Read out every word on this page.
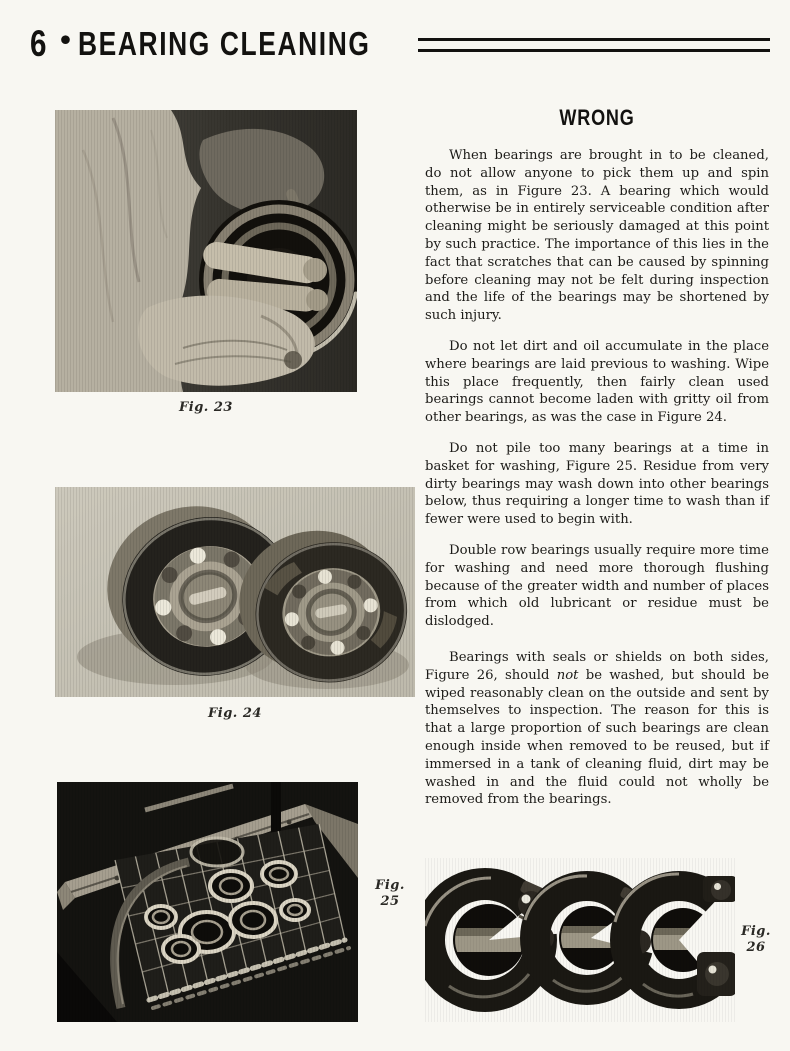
6 • BEARING CLEANING
Fig. 23
Fig. 24
Fig.
25
Fig.
26
WRONG

When bearings are brought in to be cleaned, do not allow anyone to pick them up and spin them, as in Figure 23. A bearing which would otherwise be in entirely serviceable condition after cleaning might be seriously damaged at this point by such practice. The importance of this lies in the fact that scratches that can be caused by spinning before cleaning may not be felt during inspection and the life of the bearings may be shortened by such injury.

Do not let dirt and oil accumulate in the place where bearings are laid previous to washing. Wipe this place frequently, then fairly clean used bearings cannot become laden with gritty oil from other bearings, as was the case in Figure 24.

Do not pile too many bearings at a time in basket for washing, Figure 25. Residue from very dirty bearings may wash down into other bearings below, thus requiring a longer time to wash than if fewer were used to begin with.

Double row bearings usually require more time for washing and need more thorough flushing because of the greater width and number of places from which old lubricant or residue must be dislodged.

Bearings with seals or shields on both sides, Figure 26, should not be washed, but should be wiped reasonably clean on the outside and sent by themselves to inspection. The reason for this is that a large proportion of such bearings are clean enough inside when removed to be reused, but if immersed in a tank of cleaning fluid, dirt may be washed in and the fluid could not wholly be removed from the bearings.
